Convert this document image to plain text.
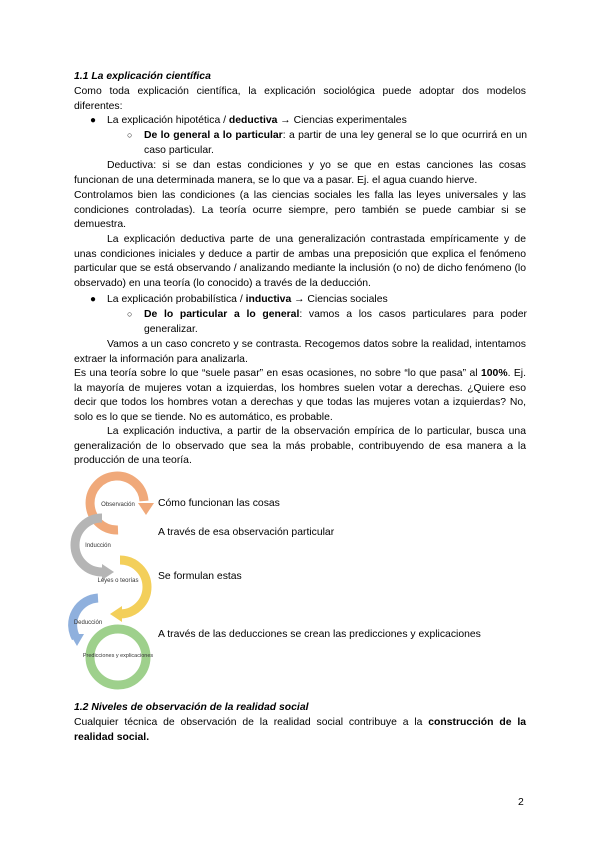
1.1 La explicación científica
Como toda explicación científica, la explicación sociológica puede adoptar dos modelos diferentes:
● La explicación hipotética / deductiva → Ciencias experimentales
○ De lo general a lo particular: a partir de una ley general se lo que ocurrirá en un caso particular.
Deductiva: si se dan estas condiciones y yo se que en estas canciones las cosas funcionan de una determinada manera, se lo que va a pasar. Ej. el agua cuando hierve.
Controlamos bien las condiciones (a las ciencias sociales les falla las leyes universales y las condiciones controladas). La teoría ocurre siempre, pero también se puede cambiar si se demuestra.
La explicación deductiva parte de una generalización contrastada empíricamente y de unas condiciones iniciales y deduce a partir de ambas una preposición que explica el fenómeno particular que se está observando / analizando mediante la inclusión (o no) de dicho fenómeno (lo observado) en una teoría (lo conocido) a través de la deducción.
● La explicación probabilística / inductiva → Ciencias sociales
○ De lo particular a lo general: vamos a los casos particulares para poder generalizar.
Vamos a un caso concreto y se contrasta. Recogemos datos sobre la realidad, intentamos extraer la información para analizarla.
Es una teoría sobre lo que “suele pasar” en esas ocasiones, no sobre “lo que pasa” al 100%. Ej. la mayoría de mujeres votan a izquierdas, los hombres suelen votar a derechas. ¿Quiere eso decir que todos los hombres votan a derechas y que todas las mujeres votan a izquierdas? No, solo es lo que se tiende. No es automático, es probable.
La explicación inductiva, a partir de la observación empírica de lo particular, busca una generalización de lo observado que sea la más probable, contribuyendo de esa manera a la producción de una teoría.
Observación
Inducción
Leyes o teorías
Deducción
Predicciones y explicaciones
Cómo funcionan las cosas
A través de esa observación particular
Se formulan estas
A través de las deducciones se crean las predicciones y explicaciones
1.2 Niveles de observación de la realidad social
Cualquier técnica de observación de la realidad social contribuye a la construcción de la realidad social.
2
